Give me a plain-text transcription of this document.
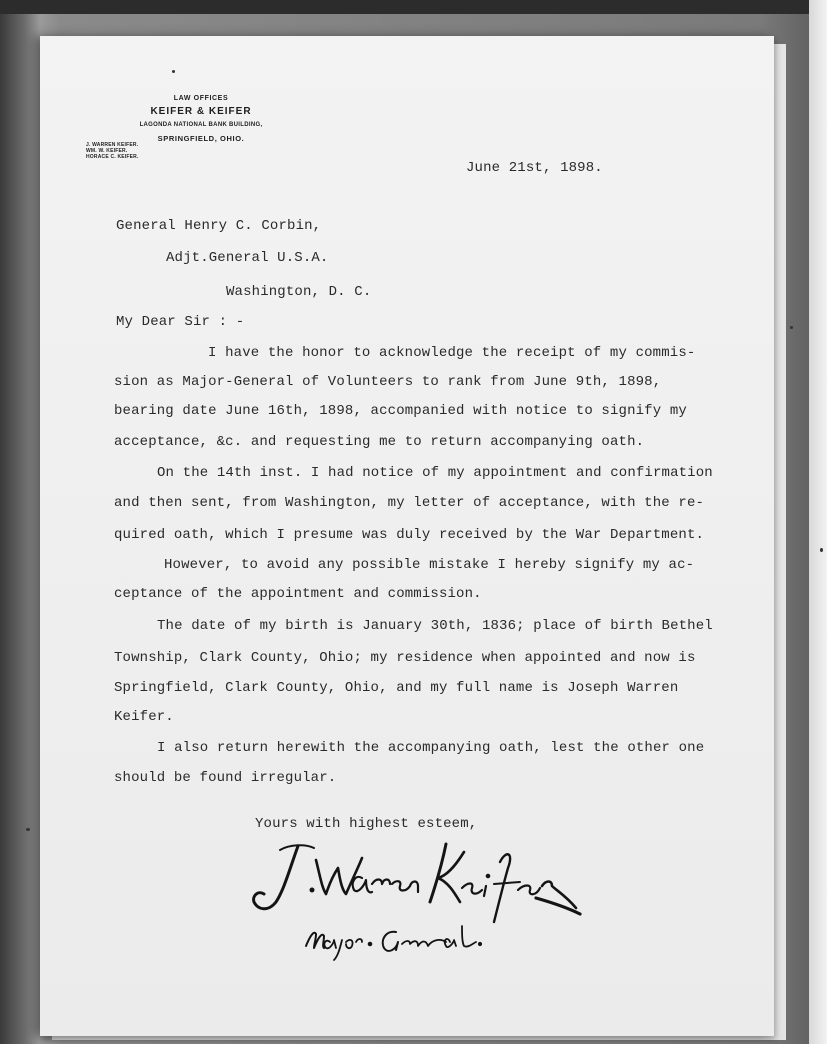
LAW OFFICES
KEIFER & KEIFER
LAGONDA NATIONAL BANK BUILDING,
SPRINGFIELD, OHIO.
J. WARREN KEIFER.
WM. W. KEIFER.
HORACE C. KEIFER.
June 21st, 1898.
General Henry C. Corbin,
Adjt.General U.S.A.
Washington, D. C.
My Dear Sir : -
I have the honor to acknowledge the receipt of my commis-
sion as Major-General of Volunteers to rank from June 9th, 1898,
bearing date June 16th, 1898, accompanied with notice to signify my
acceptance, &c. and requesting me to return accompanying oath.
On the 14th inst. I had notice of my appointment and confirmation
and then sent, from Washington, my letter of acceptance, with the re-
quired oath, which I presume was duly received by the War Department.
However, to avoid any possible mistake I hereby signify my ac-
ceptance of the appointment and commission.
The date of my birth is January 30th, 1836; place of birth Bethel
Township, Clark County, Ohio; my residence when appointed and now is
Springfield, Clark County, Ohio, and my full name is Joseph Warren
Keifer.
I also return herewith the accompanying oath, lest the other one
should be found irregular.
Yours with highest esteem,
